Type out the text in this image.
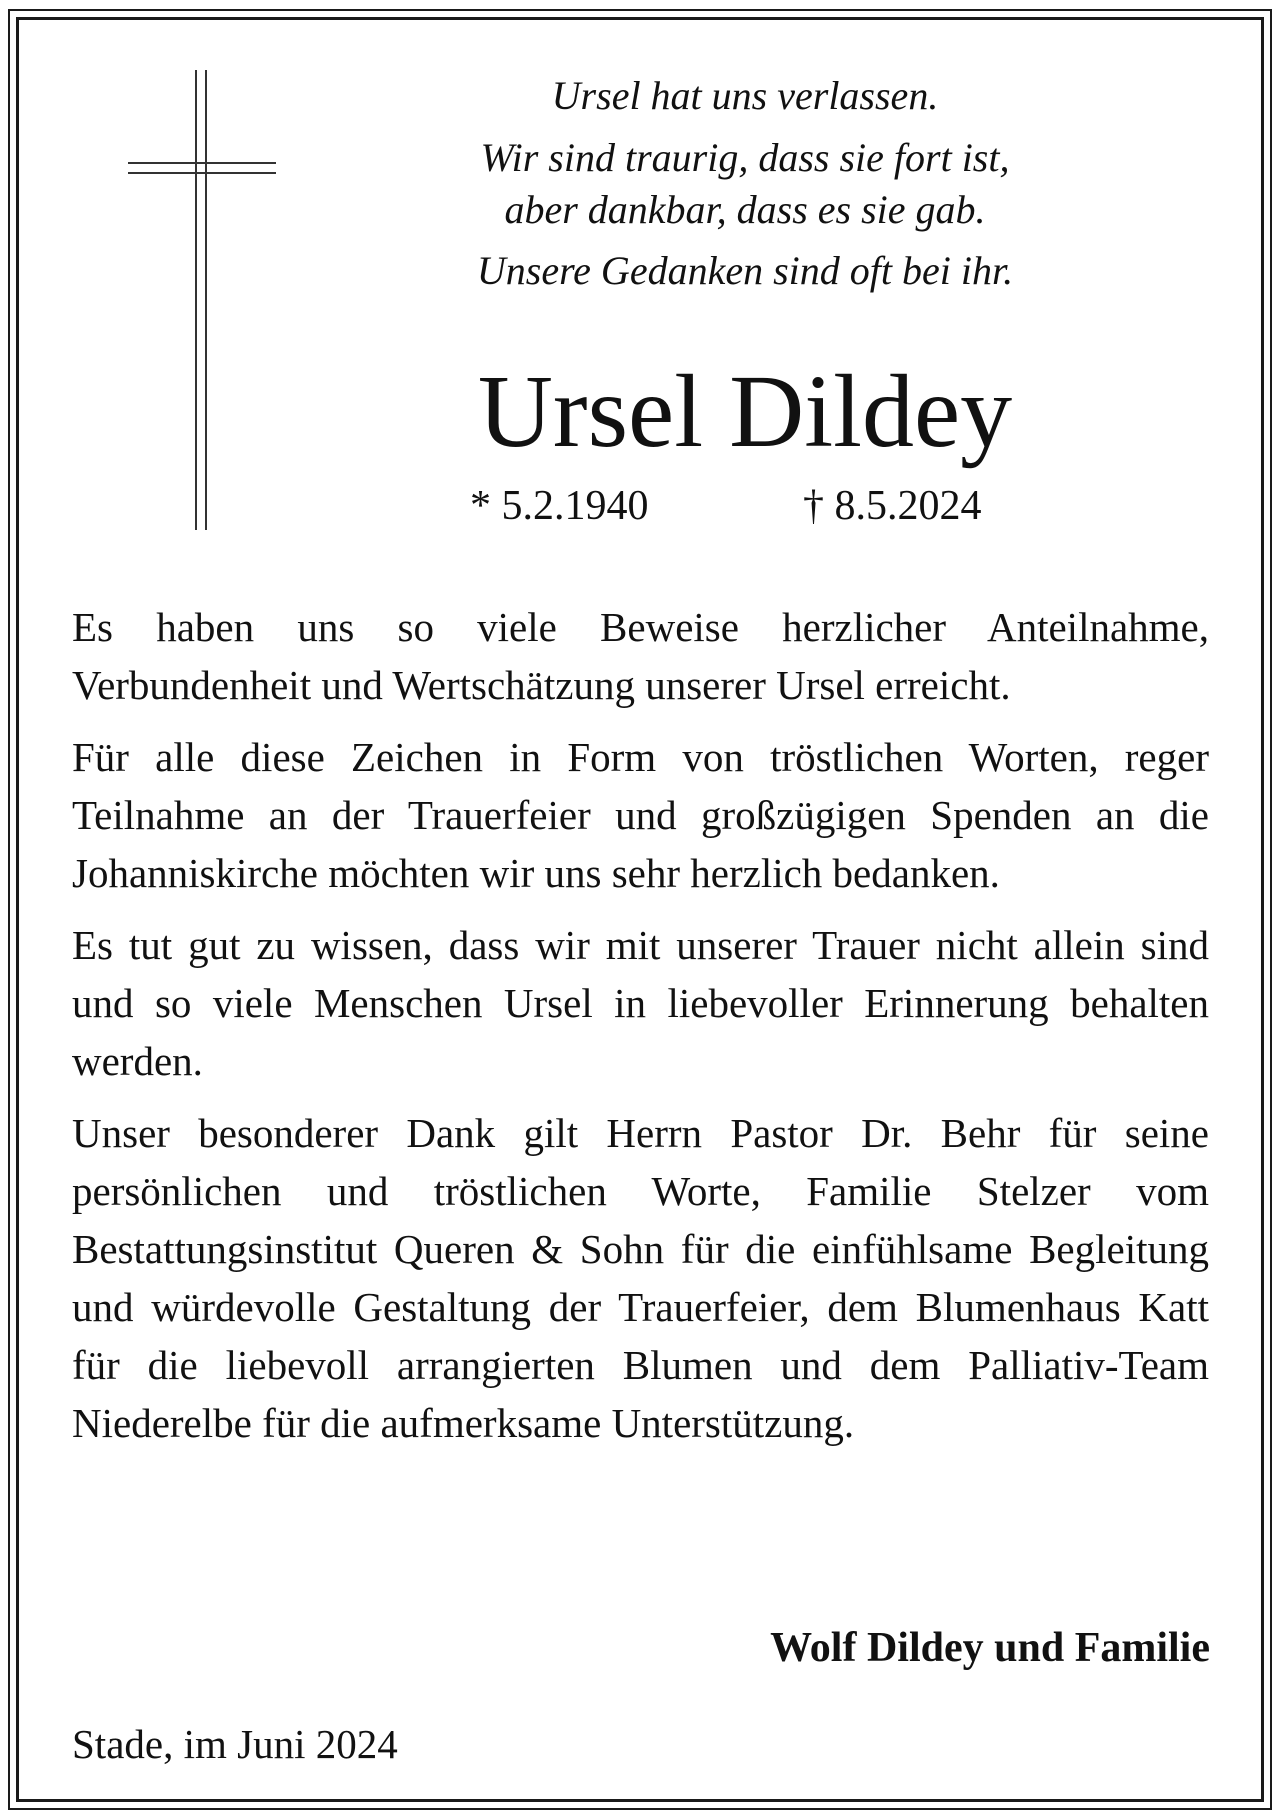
Ursel hat uns verlassen.

Wir sind traurig, dass sie fort ist,
aber dankbar, dass es sie gab.

Unsere Gedanken sind oft bei ihr.

Ursel Dildey
* 5.2.1940	† 8.5.2024

Es haben uns so viele Beweise herzlicher Anteilnahme, Verbundenheit und Wertschätzung unserer Ursel erreicht.

Für alle diese Zeichen in Form von tröstlichen Worten, reger Teilnahme an der Trauerfeier und großzügigen Spenden an die Johanniskirche möchten wir uns sehr herzlich bedanken.

Es tut gut zu wissen, dass wir mit unserer Trauer nicht allein sind und so viele Menschen Ursel in liebevoller Erinnerung behalten werden.

Unser besonderer Dank gilt Herrn Pastor Dr. Behr für seine persönlichen und tröstlichen Worte, Familie Stelzer vom Bestattungsinstitut Queren & Sohn für die einfühlsame Begleitung und würdevolle Gestaltung der Trauerfeier, dem Blumenhaus Katt für die liebevoll arrangierten Blumen und dem Palliativ-Team Niederelbe für die aufmerksame Unterstützung.

Wolf Dildey und Familie
Stade, im Juni 2024
